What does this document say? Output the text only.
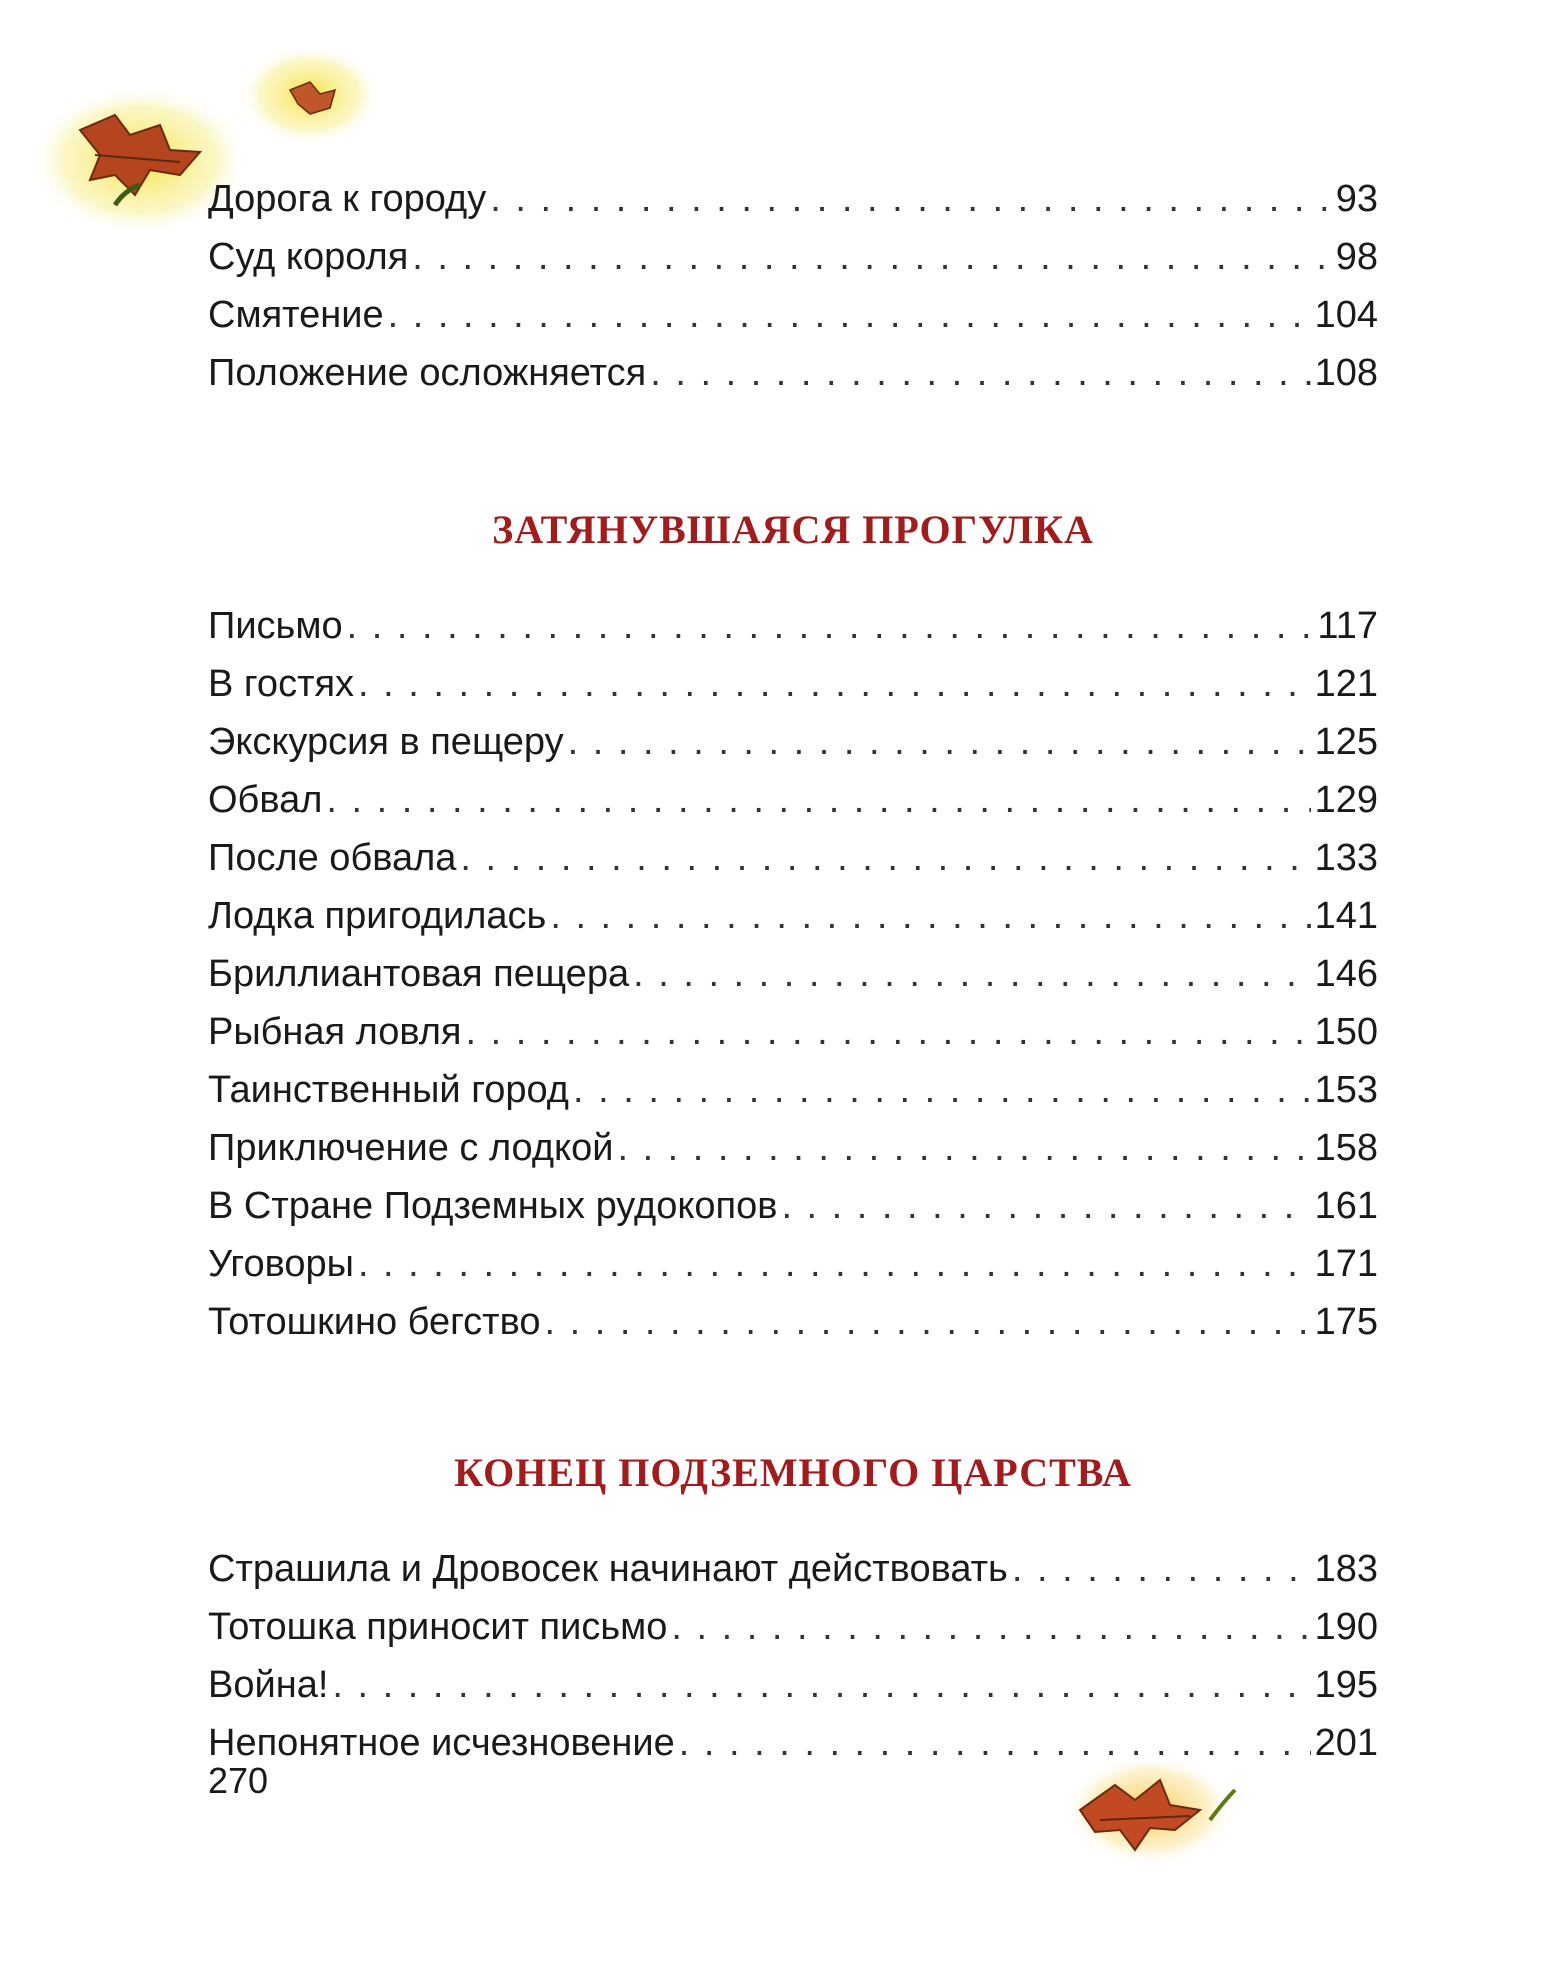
Дорога к городу . . .	93
Суд короля . . .	98
Смятение . . .	104
Положение осложняется . . .	108
ЗАТЯНУВШАЯСЯ ПРОГУЛКА
Письмо . . .	117
В гостях . . .	121
Экскурсия в пещеру . . .	125
Обвал . . .	129
После обвала . . .	133
Лодка пригодилась . . .	141
Бриллиантовая пещера . . .	146
Рыбная ловля . . .	150
Таинственный город . . .	153
Приключение с лодкой . . .	158
В Стране Подземных рудокопов . . .	161
Уговоры . . .	171
Тотошкино бегство . . .	175
КОНЕЦ ПОДЗЕМНОГО ЦАРСТВА
Страшила и Дровосек начинают действовать . . .	183
Тотошка приносит письмо . . .	190
Война! . . .	195
Непонятное исчезновение . . .	201
270
